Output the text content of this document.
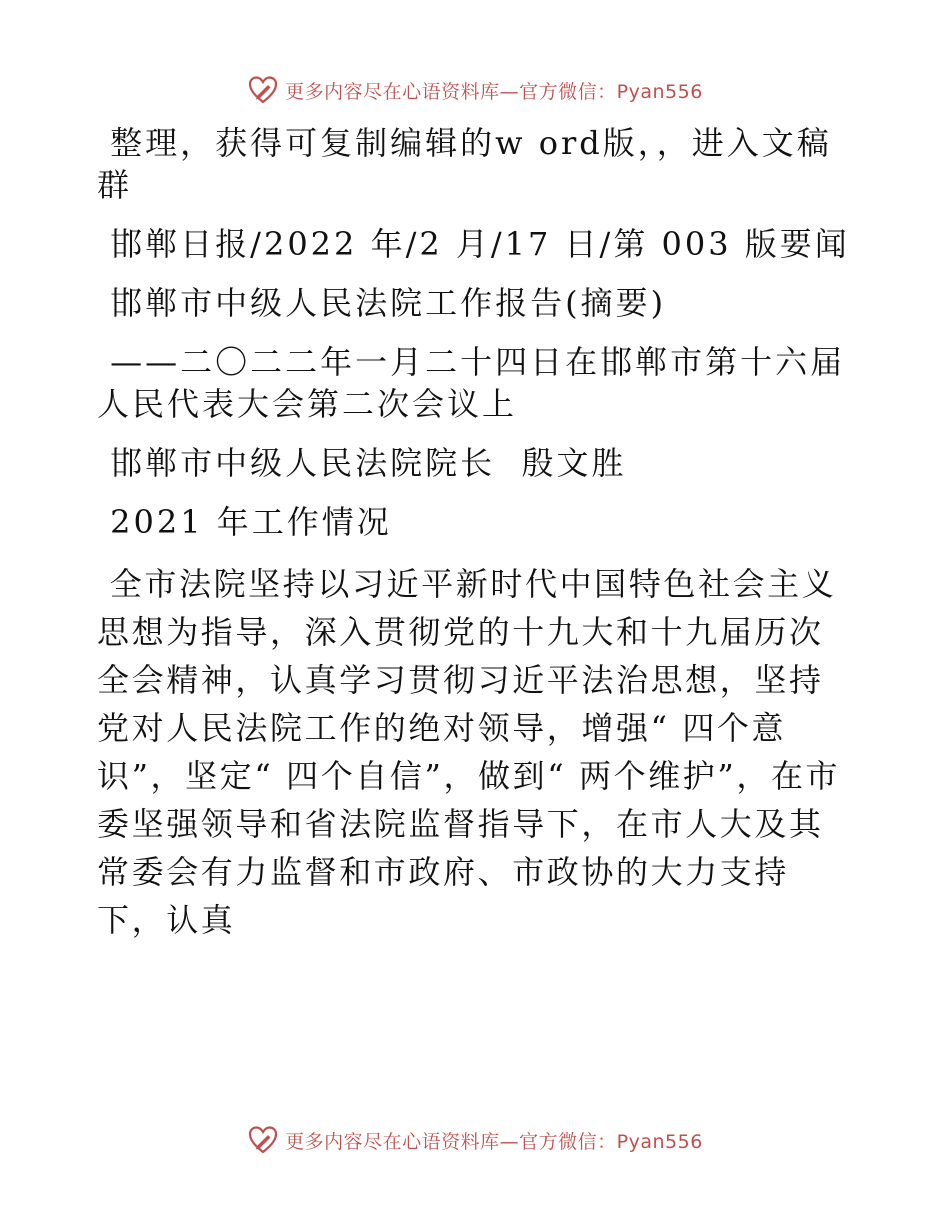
更多内容尽在心语资料库—官方微信：Pyan556

整理，获得可复制编辑的w ord版，，进入文稿群

邯郸日报/2022 年/2 月/17 日/第 003 版要闻

邯郸市中级人民法院工作报告(摘要)

——二〇二二年一月二十四日在邯郸市第十六届人民代表大会第二次会议上

邯郸市中级人民法院院长  殷文胜

2021 年工作情况

全市法院坚持以习近平新时代中国特色社会主义思想为指导，深入贯彻党的十九大和十九届历次全会精神，认真学习贯彻习近平法治思想，坚持党对人民法院工作的绝对领导，增强“ 四个意识”，坚定“ 四个自信”，做到“ 两个维护”，在市委坚强领导和省法院监督指导下，在市人大及其常委会有力监督和市政府、市政协的大力支持下，认真

更多内容尽在心语资料库—官方微信：Pyan556
